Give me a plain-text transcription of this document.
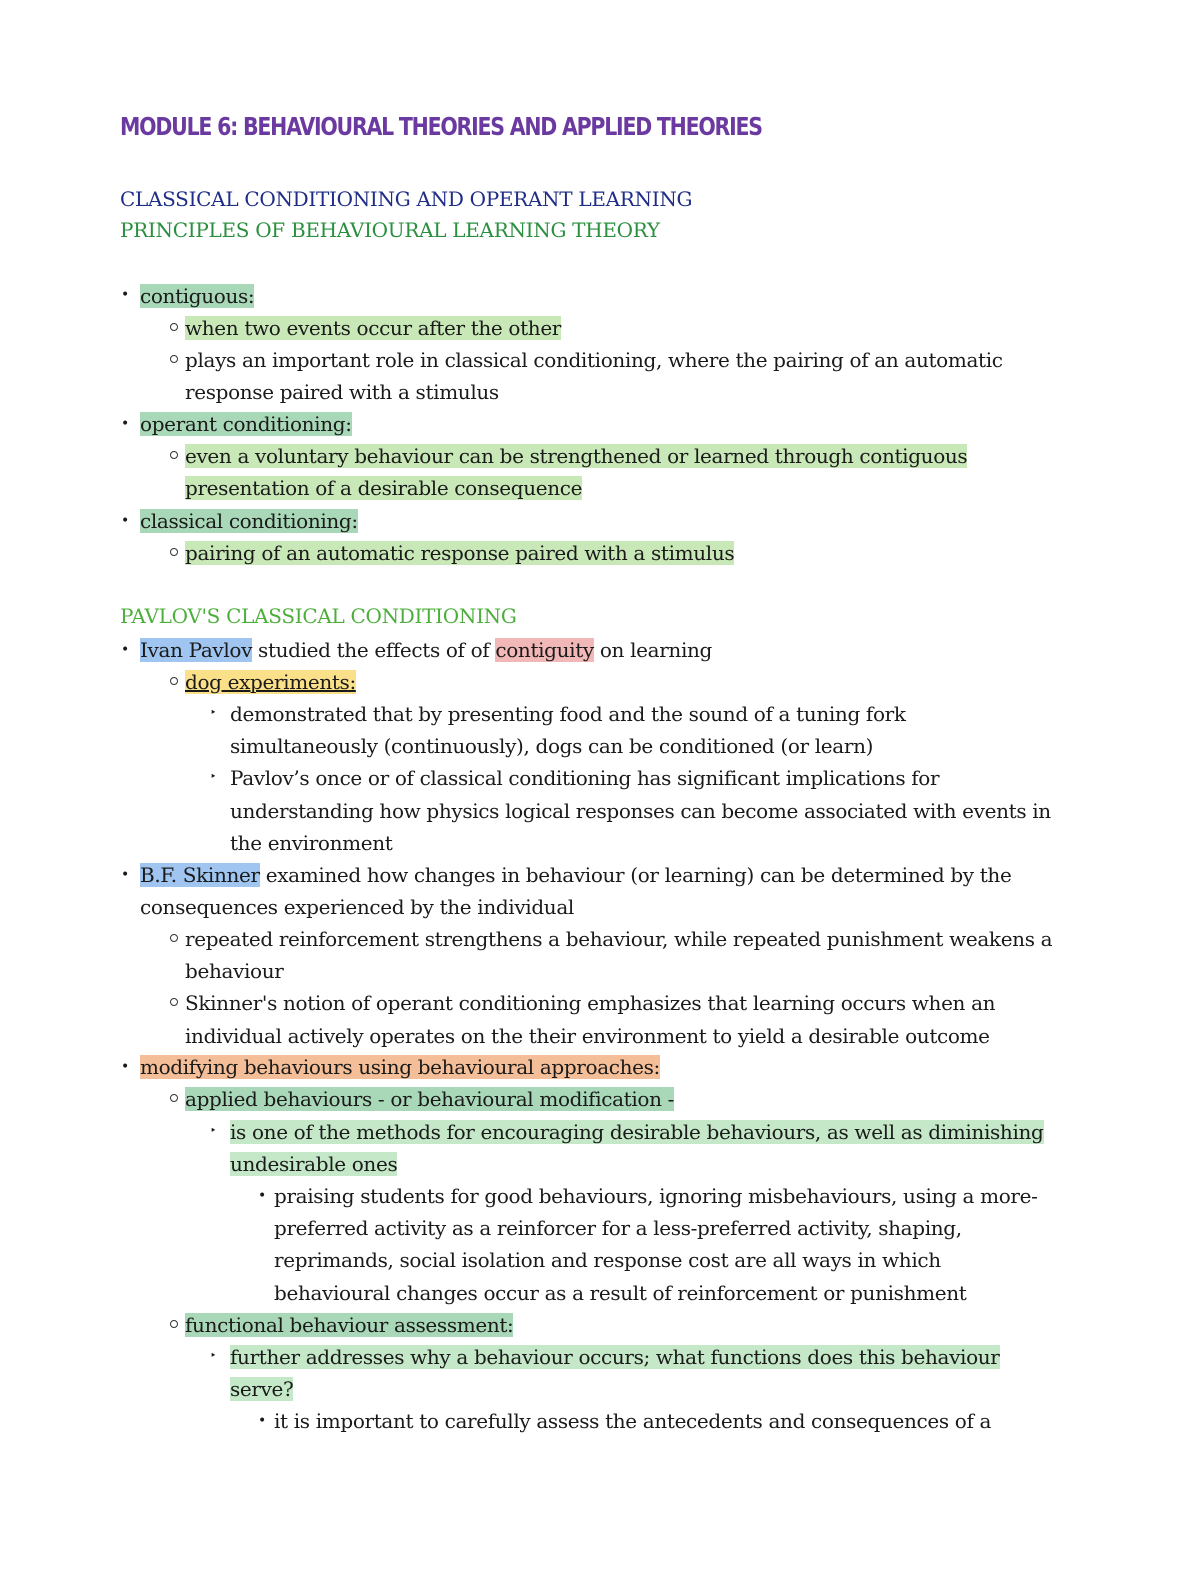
MODULE 6: BEHAVIOURAL THEORIES AND APPLIED THEORIES
CLASSICAL CONDITIONING AND OPERANT LEARNING
PRINCIPLES OF BEHAVIOURAL LEARNING THEORY
• contiguous:
when two events occur after the other
plays an important role in classical conditioning, where the pairing of an automatic
response paired with a stimulus
• operant conditioning:
even a voluntary behaviour can be strengthened or learned through contiguous
presentation of a desirable consequence
• classical conditioning:
pairing of an automatic response paired with a stimulus
PAVLOV'S CLASSICAL CONDITIONING
• Ivan Pavlov studied the effects of of contiguity on learning
dog experiments:
‣ demonstrated that by presenting food and the sound of a tuning fork
simultaneously (continuously), dogs can be conditioned (or learn)
‣ Pavlov’s once or of classical conditioning has significant implications for
understanding how physics logical responses can become associated with events in
the environment
• B.F. Skinner examined how changes in behaviour (or learning) can be determined by the
consequences experienced by the individual
repeated reinforcement strengthens a behaviour, while repeated punishment weakens a
behaviour
Skinner's notion of operant conditioning emphasizes that learning occurs when an
individual actively operates on the their environment to yield a desirable outcome
• modifying behaviours using behavioural approaches:
applied behaviours - or behavioural modification -
‣ is one of the methods for encouraging desirable behaviours, as well as diminishing
undesirable ones
• praising students for good behaviours, ignoring misbehaviours, using a more-
preferred activity as a reinforcer for a less-preferred activity, shaping,
reprimands, social isolation and response cost are all ways in which
behavioural changes occur as a result of reinforcement or punishment
functional behaviour assessment:
‣ further addresses why a behaviour occurs; what functions does this behaviour
serve?
• it is important to carefully assess the antecedents and consequences of a
